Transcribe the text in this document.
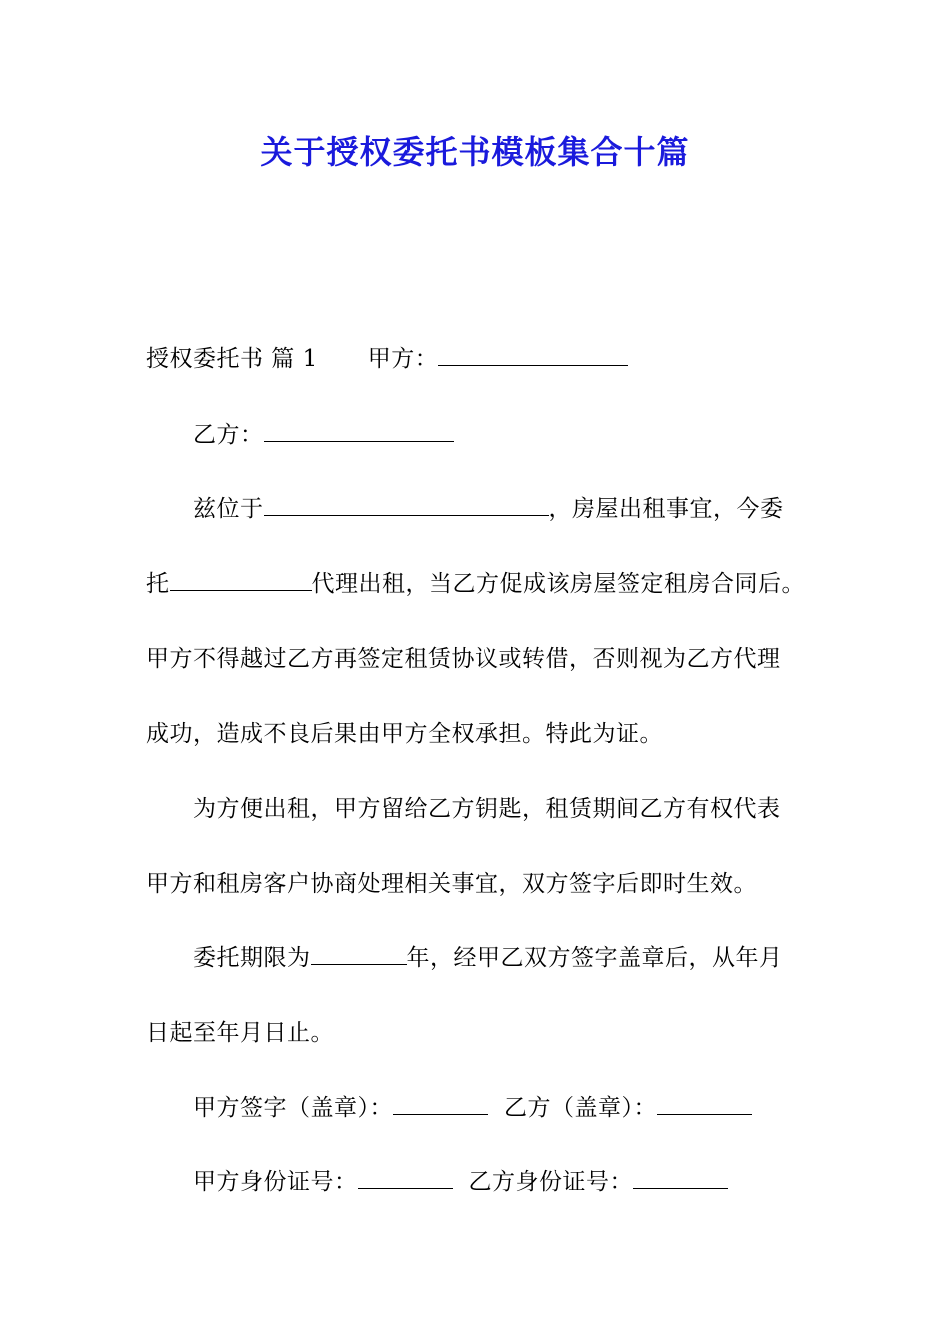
关于授权委托书模板集合十篇
授权委托书 篇 1 甲方：
乙方：
兹位于	，房屋出租事宜，今委
托	代理出租，当乙方促成该房屋签定租房合同后。
甲方不得越过乙方再签定租赁协议或转借，否则视为乙方代理
成功，造成不良后果由甲方全权承担。特此为证。
为方便出租，甲方留给乙方钥匙，租赁期间乙方有权代表
甲方和租房客户协商处理相关事宜，双方签字后即时生效。
委托期限为	年，经甲乙双方签字盖章后，从年月
日起至年月日止。
甲方签字（盖章）：	乙方（盖章）：
甲方身份证号：	乙方身份证号：
